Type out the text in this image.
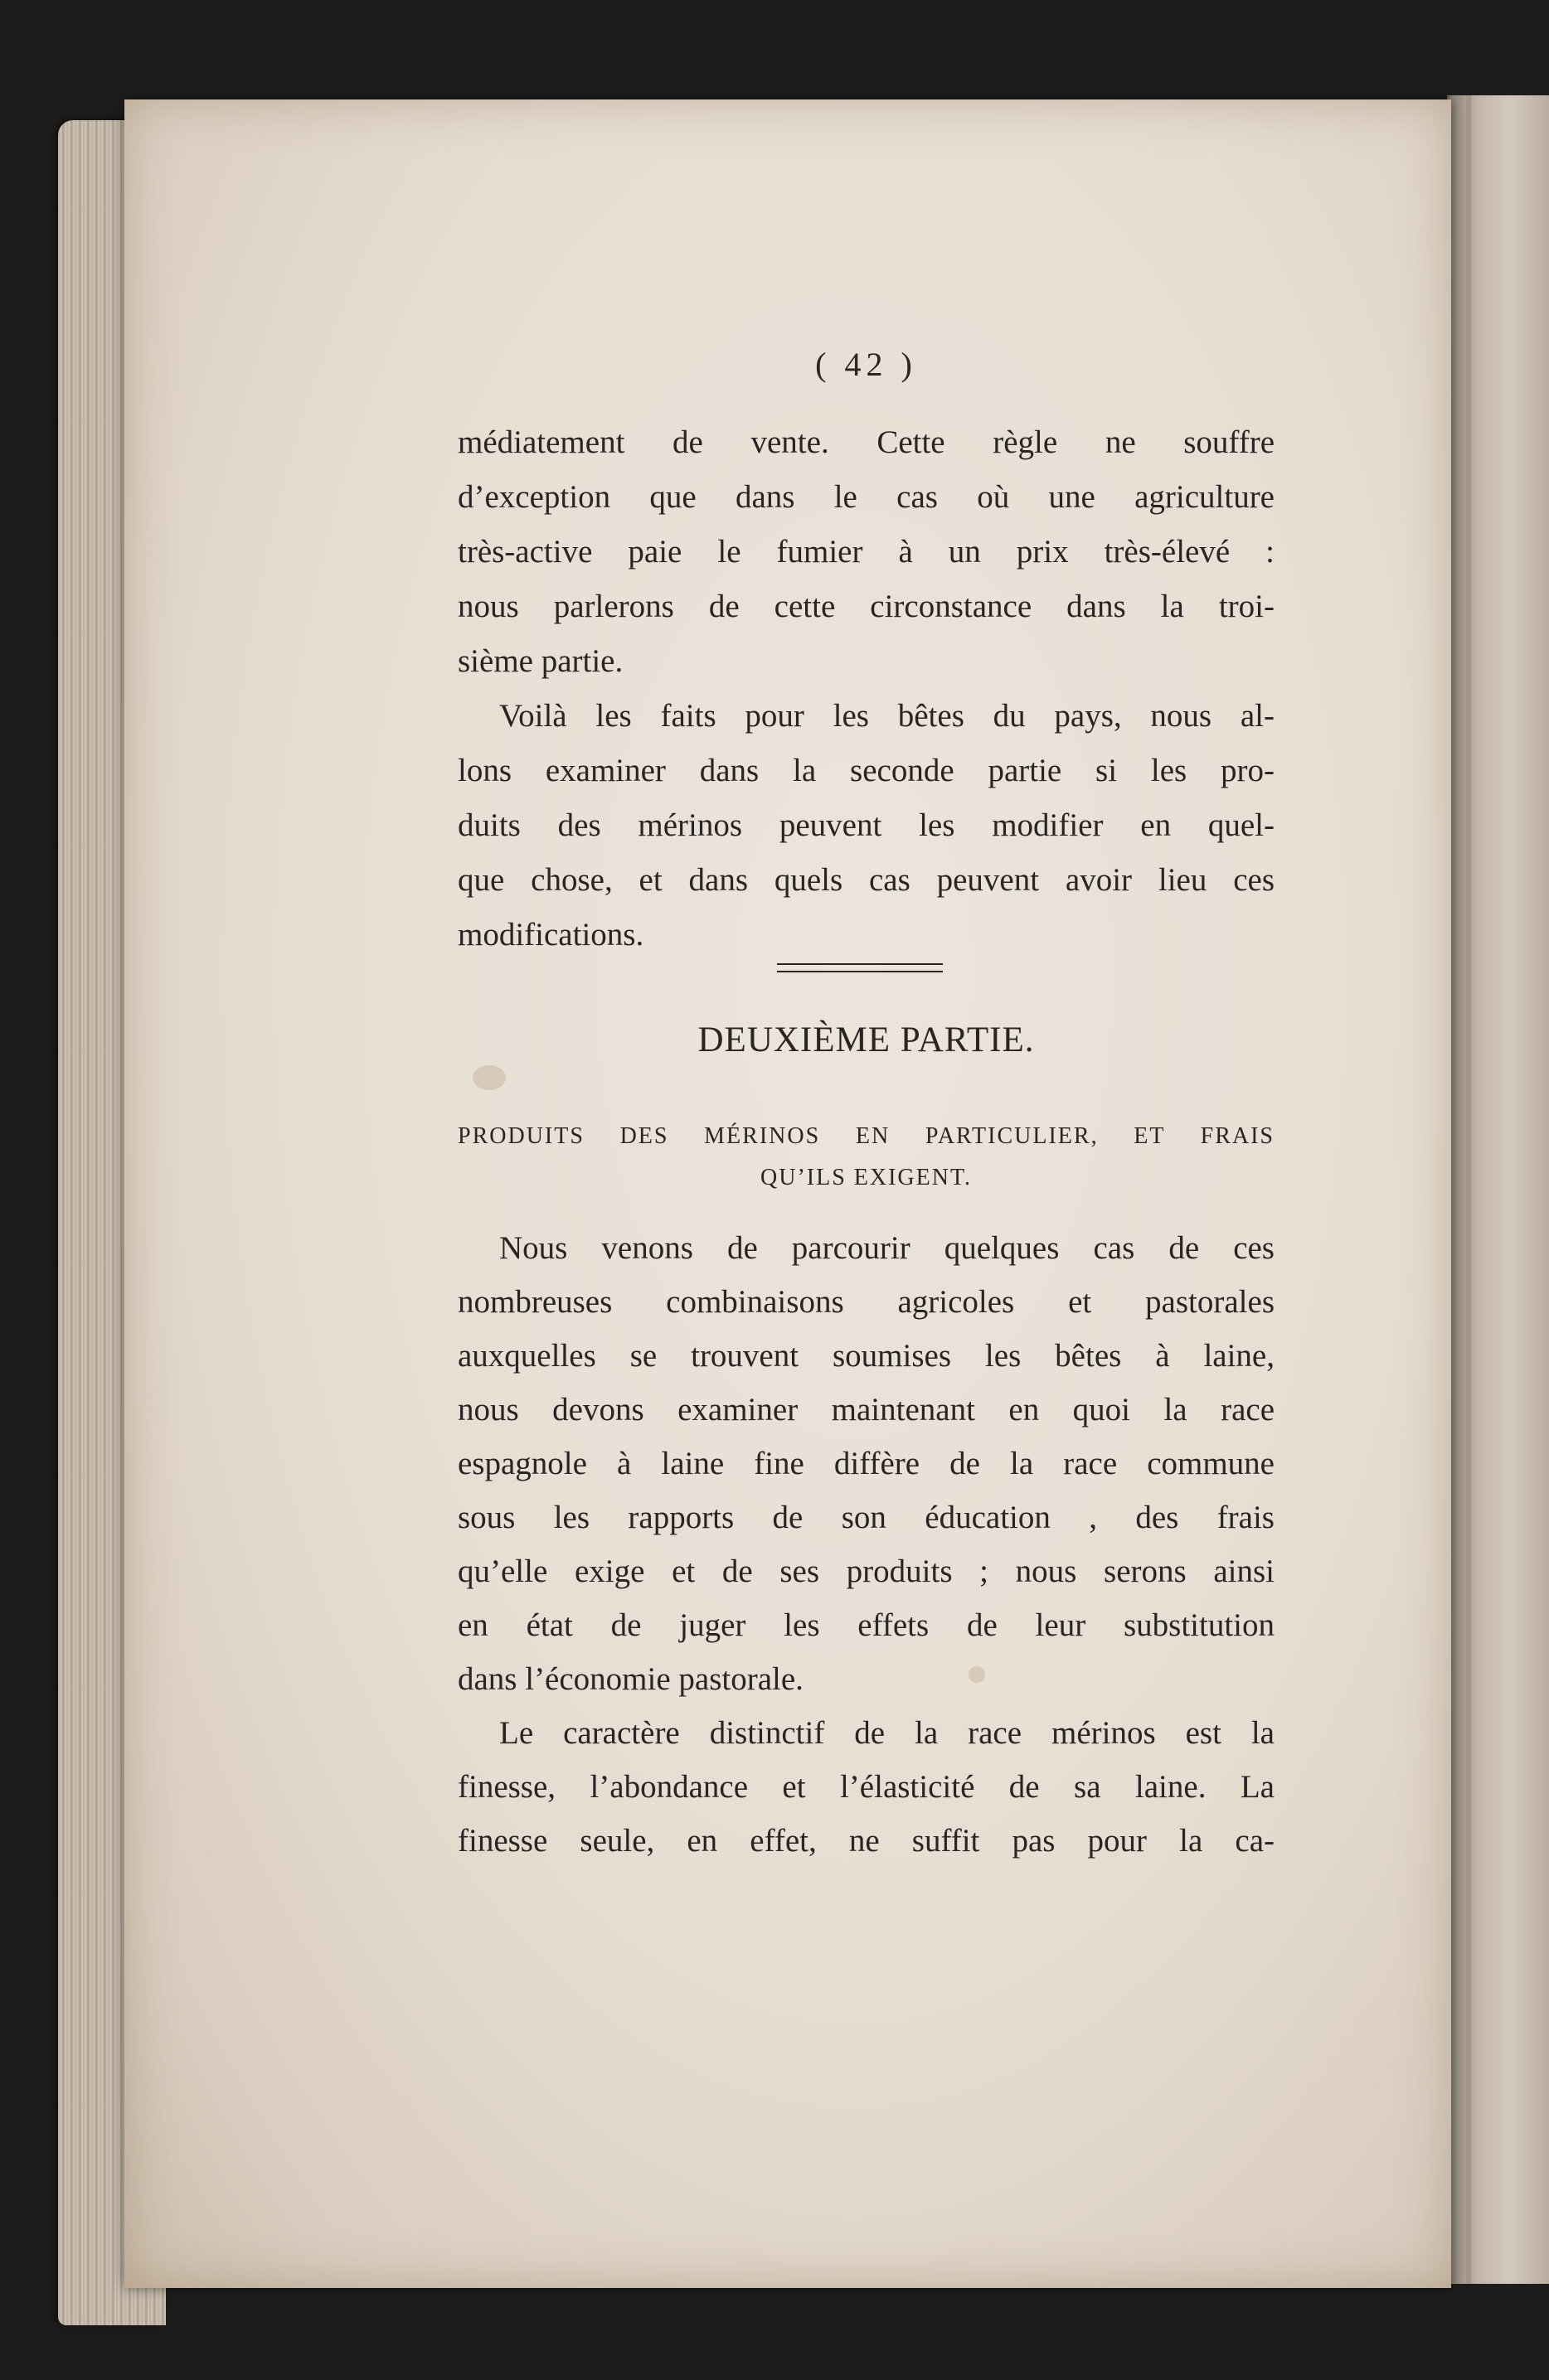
( 42 )
médiatement de vente. Cette règle ne souffre
d’exception que dans le cas où une agriculture
très-active paie le fumier à un prix très-élevé :
nous parlerons de cette circonstance dans la troi-
sième partie.
Voilà les faits pour les bêtes du pays, nous al-
lons examiner dans la seconde partie si les pro-
duits des mérinos peuvent les modifier en quel-
que chose, et dans quels cas peuvent avoir lieu ces
modifications.
DEUXIÈME PARTIE.
PRODUITS DES MÉRINOS EN PARTICULIER, ET FRAIS
QU’ILS EXIGENT.
Nous venons de parcourir quelques cas de ces
nombreuses combinaisons agricoles et pastorales
auxquelles se trouvent soumises les bêtes à laine,
nous devons examiner maintenant en quoi la race
espagnole à laine fine diffère de la race commune
sous les rapports de son éducation , des frais
qu’elle exige et de ses produits ; nous serons ainsi
en état de juger les effets de leur substitution
dans l’économie pastorale.
Le caractère distinctif de la race mérinos est la
finesse, l’abondance et l’élasticité de sa laine. La
finesse seule, en effet, ne suffit pas pour la ca-
